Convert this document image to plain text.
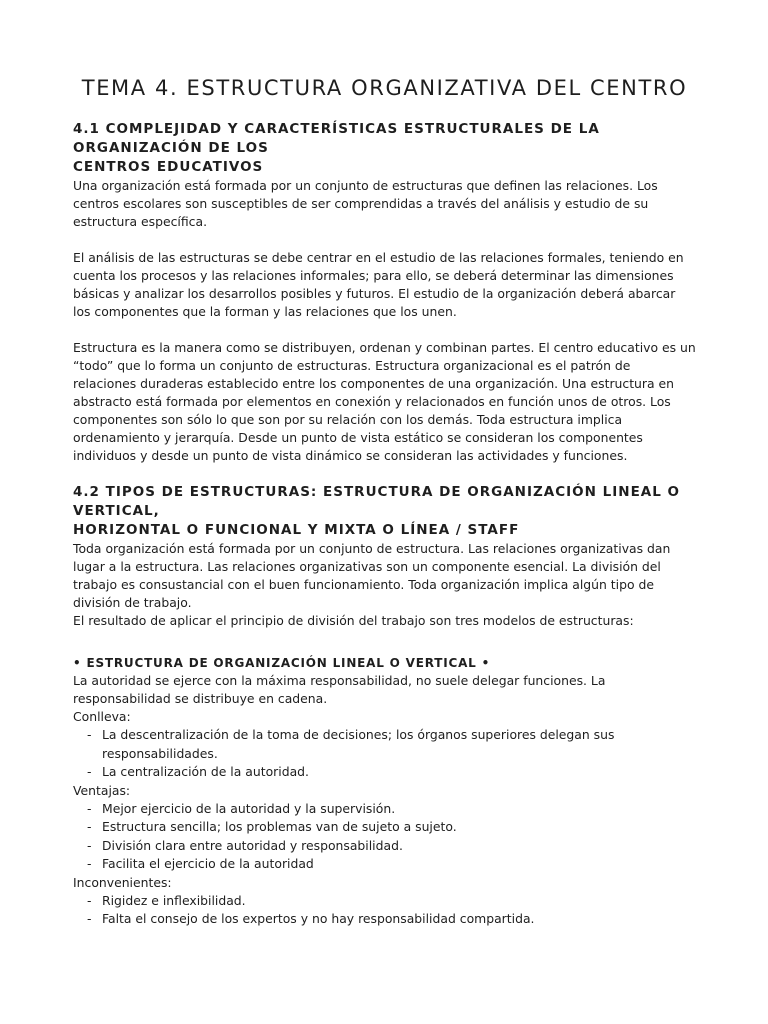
TEMA 4. ESTRUCTURA ORGANIZATIVA DEL CENTRO

4.1 COMPLEJIDAD Y CARACTERÍSTICAS ESTRUCTURALES DE LA ORGANIZACIÓN DE LOS
CENTROS EDUCATIVOS

Una organización está formada por un conjunto de estructuras que definen las relaciones. Los centros escolares son susceptibles de ser comprendidas a través del análisis y estudio de su estructura específica.

El análisis de las estructuras se debe centrar en el estudio de las relaciones formales, teniendo en cuenta los procesos y las relaciones informales; para ello, se deberá determinar las dimensiones básicas y analizar los desarrollos posibles y futuros. El estudio de la organización deberá abarcar los componentes que la forman y las relaciones que los unen.

Estructura es la manera como se distribuyen, ordenan y combinan partes. El centro educativo es un “todo” que lo forma un conjunto de estructuras. Estructura organizacional es el patrón de relaciones duraderas establecido entre los componentes de una organización. Una estructura en abstracto está formada por elementos en conexión y relacionados en función unos de otros. Los componentes son sólo lo que son por su relación con los demás. Toda estructura implica ordenamiento y jerarquía. Desde un punto de vista estático se consideran los componentes individuos y desde un punto de vista dinámico se consideran las actividades y funciones.

4.2 TIPOS DE ESTRUCTURAS: ESTRUCTURA DE ORGANIZACIÓN LINEAL O VERTICAL,
HORIZONTAL O FUNCIONAL Y MIXTA O LÍNEA / STAFF

Toda organización está formada por un conjunto de estructura. Las relaciones organizativas dan lugar a la estructura. Las relaciones organizativas son un componente esencial. La división del trabajo es consustancial con el buen funcionamiento. Toda organización implica algún tipo de división de trabajo.

El resultado de aplicar el principio de división del trabajo son tres modelos de estructuras:

• ESTRUCTURA DE ORGANIZACIÓN LINEAL O VERTICAL •

La autoridad se ejerce con la máxima responsabilidad, no suele delegar funciones. La responsabilidad se distribuye en cadena.

Conlleva:

- La descentralización de la toma de decisiones; los órganos superiores delegan sus responsabilidades.
- La centralización de la autoridad.

Ventajas:

- Mejor ejercicio de la autoridad y la supervisión.
- Estructura sencilla; los problemas van de sujeto a sujeto.
- División clara entre autoridad y responsabilidad.
- Facilita el ejercicio de la autoridad

Inconvenientes:

- Rigidez e inflexibilidad.
- Falta el consejo de los expertos y no hay responsabilidad compartida.
